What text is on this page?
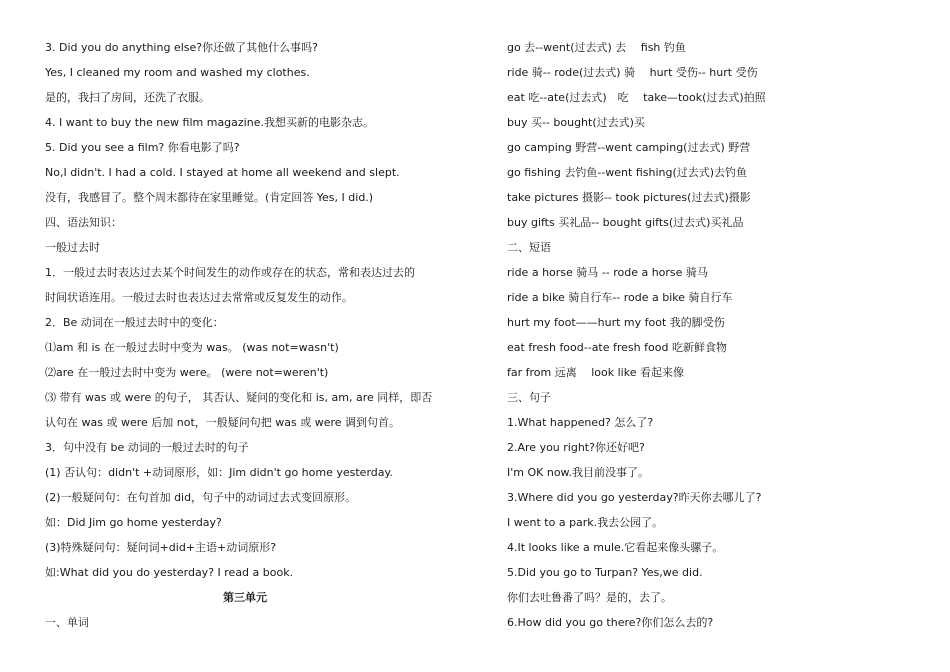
3. Did you do anything else?你还做了其他什么事吗?
Yes, I cleaned my room and washed my clothes.
是的，我扫了房间，还洗了衣服。
4. I want to buy the new film magazine.我想买新的电影杂志。
5. Did you see a film? 你看电影了吗?
No,I didn't. I had a cold. I stayed at home all weekend and slept.
没有，我感冒了。整个周末都待在家里睡觉。(肯定回答 Yes, I did.)
四、语法知识：
一般过去时
1．一般过去时表达过去某个时间发生的动作或存在的状态，常和表达过去的
时间状语连用。一般过去时也表达过去常常或反复发生的动作。
2．Be 动词在一般过去时中的变化：
⑴am 和 is 在一般过去时中变为 was。 (was not=wasn't)
⑵are 在一般过去时中变为 were。 (were not=weren't)
⑶ 带有 was 或 were 的句子， 其否认、疑问的变化和 is, am, are 同样，即否
认句在 was 或 were 后加 not，一般疑问句把 was 或 were 调到句首。
3．句中没有 be 动词的一般过去时的句子
(1) 否认句：didn't +动词原形，如：Jim didn't go home yesterday.
(2)一般疑问句：在句首加 did，句子中的动词过去式变回原形。
如：Did Jim go home yesterday?
(3)特殊疑问句：疑问词+did+主语+动词原形?
如:What did you do yesterday? I read a book.
第三单元
一、单词
go 去--went(过去式) 去　 fish 钓鱼
ride 骑-- rode(过去式) 骑　 hurt 受伤-- hurt 受伤
eat 吃--ate(过去式)　吃　 take—took(过去式)拍照
buy 买-- bought(过去式)买
go camping 野营--went camping(过去式) 野营
go fishing 去钓鱼--went fishing(过去式)去钓鱼
take pictures 摄影-- took pictures(过去式)摄影
buy gifts 买礼品-- bought gifts(过去式)买礼品
二、短语
ride a horse 骑马 -- rode a horse 骑马
ride a bike 骑自行车-- rode a bike 骑自行车
hurt my foot——hurt my foot 我的脚受伤
eat fresh food--ate fresh food 吃新鲜食物
far from 远离　 look like 看起来像
三、句子
1.What happened? 怎么了?
2.Are you right?你还好吧?
I'm OK now.我目前没事了。
3.Where did you go yesterday?昨天你去哪儿了?
I went to a park.我去公园了。
4.It looks like a mule.它看起来像头骡子。
5.Did you go to Turpan? Yes,we did.
你们去吐鲁番了吗？是的，去了。
6.How did you go there?你们怎么去的?
